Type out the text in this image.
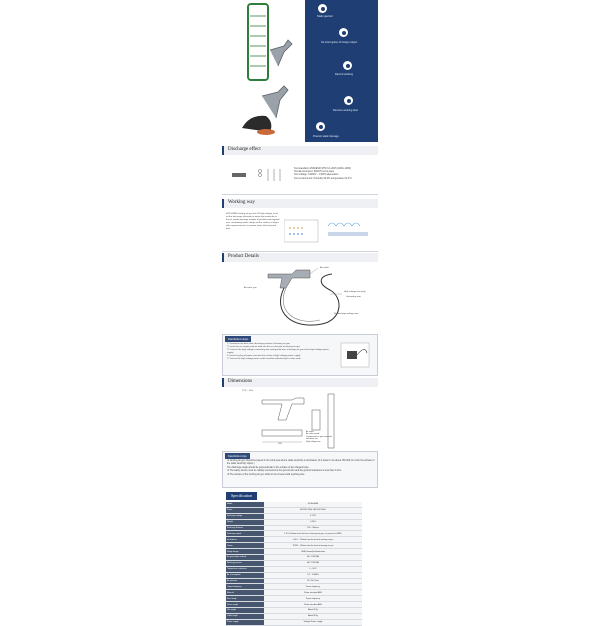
Static ejected
No interruption of foreign object
Record working
Remove working dust
Prevent static damage
Discharge effect
Test standard: ANSI/ESD STM 3.1-2015 (1000~100V)
Test Environment: 900x75 mm/s pane
Test voltage: ±1000V ~ ±100V attenuation
Test environment: Humidity 50.0% temperature 24.0°C
Working way
KEYSCIEN ionizing air gun has 2K high voltage to act on the discharge electrode to ionize the molecules in the air, producing large number of positive and negative ions, neutralizing static charge on the surface of object with compressed air, to remove static electricity and dust.
Product Details
Air outlet
Air static gun
High voltage wire plug
Grounding wire
Braided pipe voltage wire
Installation steps
① Determine the best static discharge position of ionizing air gun
② Insert the air compressed air tube into the air inlet joint of ionizing air gun
③ Connect the high voltage connecting wire and ground wire of ionizing air gun to the high voltage power supply
④ Insert the plug of power cord into the socket of high voltage power supply
⑤ Turn on the high voltage power switch and the indicator light is there work
Dimensions
72.9 ~ 10.0
183
Air outlet
Air outlet nozzle
Compressed air pipe connector
Ionization unit
High voltage wire
Installation tips
① Ionizing air gun should be placed in the work area where static electricity is eliminated. (It is better to be about 150-200 mm from the surface of the static electricity object.)
The discharge angle should be perpendicular to the surface of the charged body.
② The safety device must be reliably connected to the ground wire and the ground resistance is less than 4 ohm.
③ The surface of the ionizing air gun shall not be covered with anything else
Specification
Model	KP-AG3088
Power	AC220V 50Hz / AC110V 60Hz
Discharge voltage	4~7KV
Weight	0.5KG
Discharge distance	150 ~ 800mm
Discharge speed	1.8 S ±100mm from the front of ionizing air gun, air pressure 0.5MPa
Ion balance	±5V 0 ~ 150mm from the front of ionizing air gun
Ozone	1PPM ~ 150mm from the front of ionizing air gun
Safety design	GNB (Ground)authentication
Ion generation method	AC CORONA
Working pressure	AC CORONA
Temperature resistance	0 ~ 60°C
Air consumption	0.2 ~ 0.6MPa
Air pressure	80~150 L/min
Output frequency	Power frequency
Material	Flame retardant ABS
Size / body	Power frequency
Gross weight	Flame retardant ABS
Net weight	About 857g
Cable length	About 857g
Power supply	Voltage/ Power supply
